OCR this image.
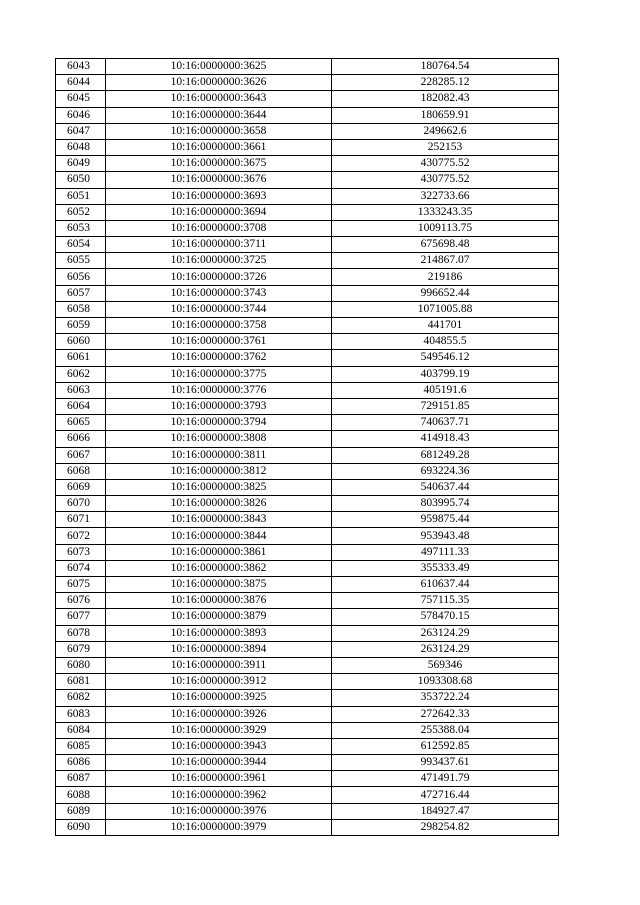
6043	10:16:0000000:3625	180764.54
6044	10:16:0000000:3626	228285.12
6045	10:16:0000000:3643	182082.43
6046	10:16:0000000:3644	180659.91
6047	10:16:0000000:3658	249662.6
6048	10:16:0000000:3661	252153
6049	10:16:0000000:3675	430775.52
6050	10:16:0000000:3676	430775.52
6051	10:16:0000000:3693	322733.66
6052	10:16:0000000:3694	1333243.35
6053	10:16:0000000:3708	1009113.75
6054	10:16:0000000:3711	675698.48
6055	10:16:0000000:3725	214867.07
6056	10:16:0000000:3726	219186
6057	10:16:0000000:3743	996652.44
6058	10:16:0000000:3744	1071005.88
6059	10:16:0000000:3758	441701
6060	10:16:0000000:3761	404855.5
6061	10:16:0000000:3762	549546.12
6062	10:16:0000000:3775	403799.19
6063	10:16:0000000:3776	405191.6
6064	10:16:0000000:3793	729151.85
6065	10:16:0000000:3794	740637.71
6066	10:16:0000000:3808	414918.43
6067	10:16:0000000:3811	681249.28
6068	10:16:0000000:3812	693224.36
6069	10:16:0000000:3825	540637.44
6070	10:16:0000000:3826	803995.74
6071	10:16:0000000:3843	959875.44
6072	10:16:0000000:3844	953943.48
6073	10:16:0000000:3861	497111.33
6074	10:16:0000000:3862	355333.49
6075	10:16:0000000:3875	610637.44
6076	10:16:0000000:3876	757115.35
6077	10:16:0000000:3879	578470.15
6078	10:16:0000000:3893	263124.29
6079	10:16:0000000:3894	263124.29
6080	10:16:0000000:3911	569346
6081	10:16:0000000:3912	1093308.68
6082	10:16:0000000:3925	353722.24
6083	10:16:0000000:3926	272642.33
6084	10:16:0000000:3929	255388.04
6085	10:16:0000000:3943	612592.85
6086	10:16:0000000:3944	993437.61
6087	10:16:0000000:3961	471491.79
6088	10:16:0000000:3962	472716.44
6089	10:16:0000000:3976	184927.47
6090	10:16:0000000:3979	298254.82
